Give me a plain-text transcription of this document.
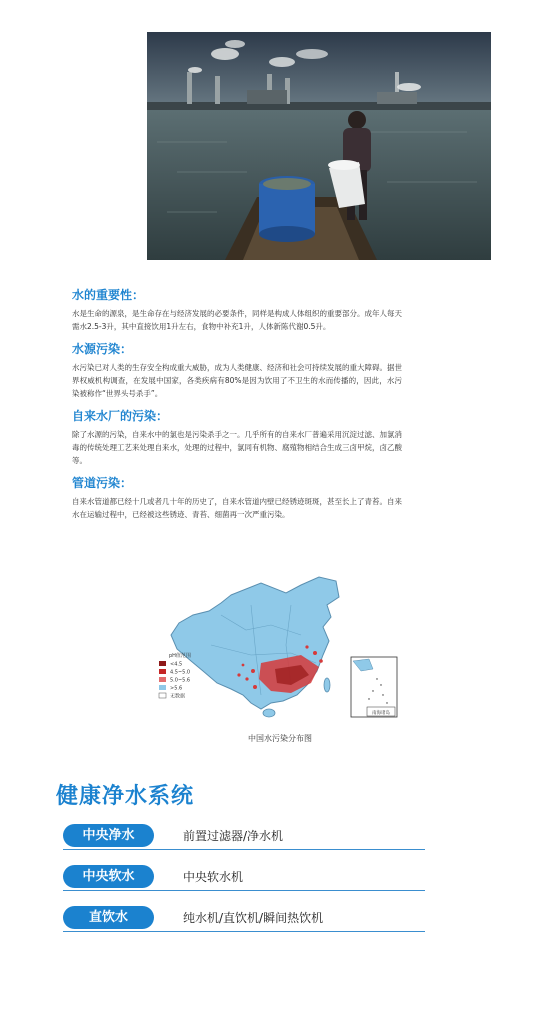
水的重要性：
水是生命的源泉，是生命存在与经济发展的必要条件，同样是构成人体组织的重要部分。成年人每天需水2.5-3升，其中直接饮用1升左右，食物中补充1升，人体新陈代谢0.5升。
水源污染：
水污染已对人类的生存安全构成重大威胁，成为人类健康、经济和社会可持续发展的重大障碍。据世界权威机构调查，在发展中国家，各类疾病有80%是因为饮用了不卫生的水而传播的，因此，水污染被称作“世界头号杀手”。
自来水厂的污染：
除了水源的污染，自来水中的氯也是污染杀手之一。几乎所有的自来水厂普遍采用沉淀过滤、加氯消毒的传统处理工艺来处理自来水，处理的过程中，氯同有机物、腐殖物相结合生成三卤甲烷，卤乙酸等。
管道污染：
自来水管道都已经十几或者几十年的历史了，自来水管道内壁已经锈迹斑斑，甚至长上了青苔。自来水在运输过程中，已经被这些锈迹、青苔、细菌再一次严重污染。
pH值范围
<4.5
4.5~5.0
5.0~5.6
>5.6
无数据
南海诸岛
中国水污染分布图
健康净水系统
中央净水	前置过滤器/净水机
中央软水	中央软水机
直饮水	纯水机/直饮机/瞬间热饮机
